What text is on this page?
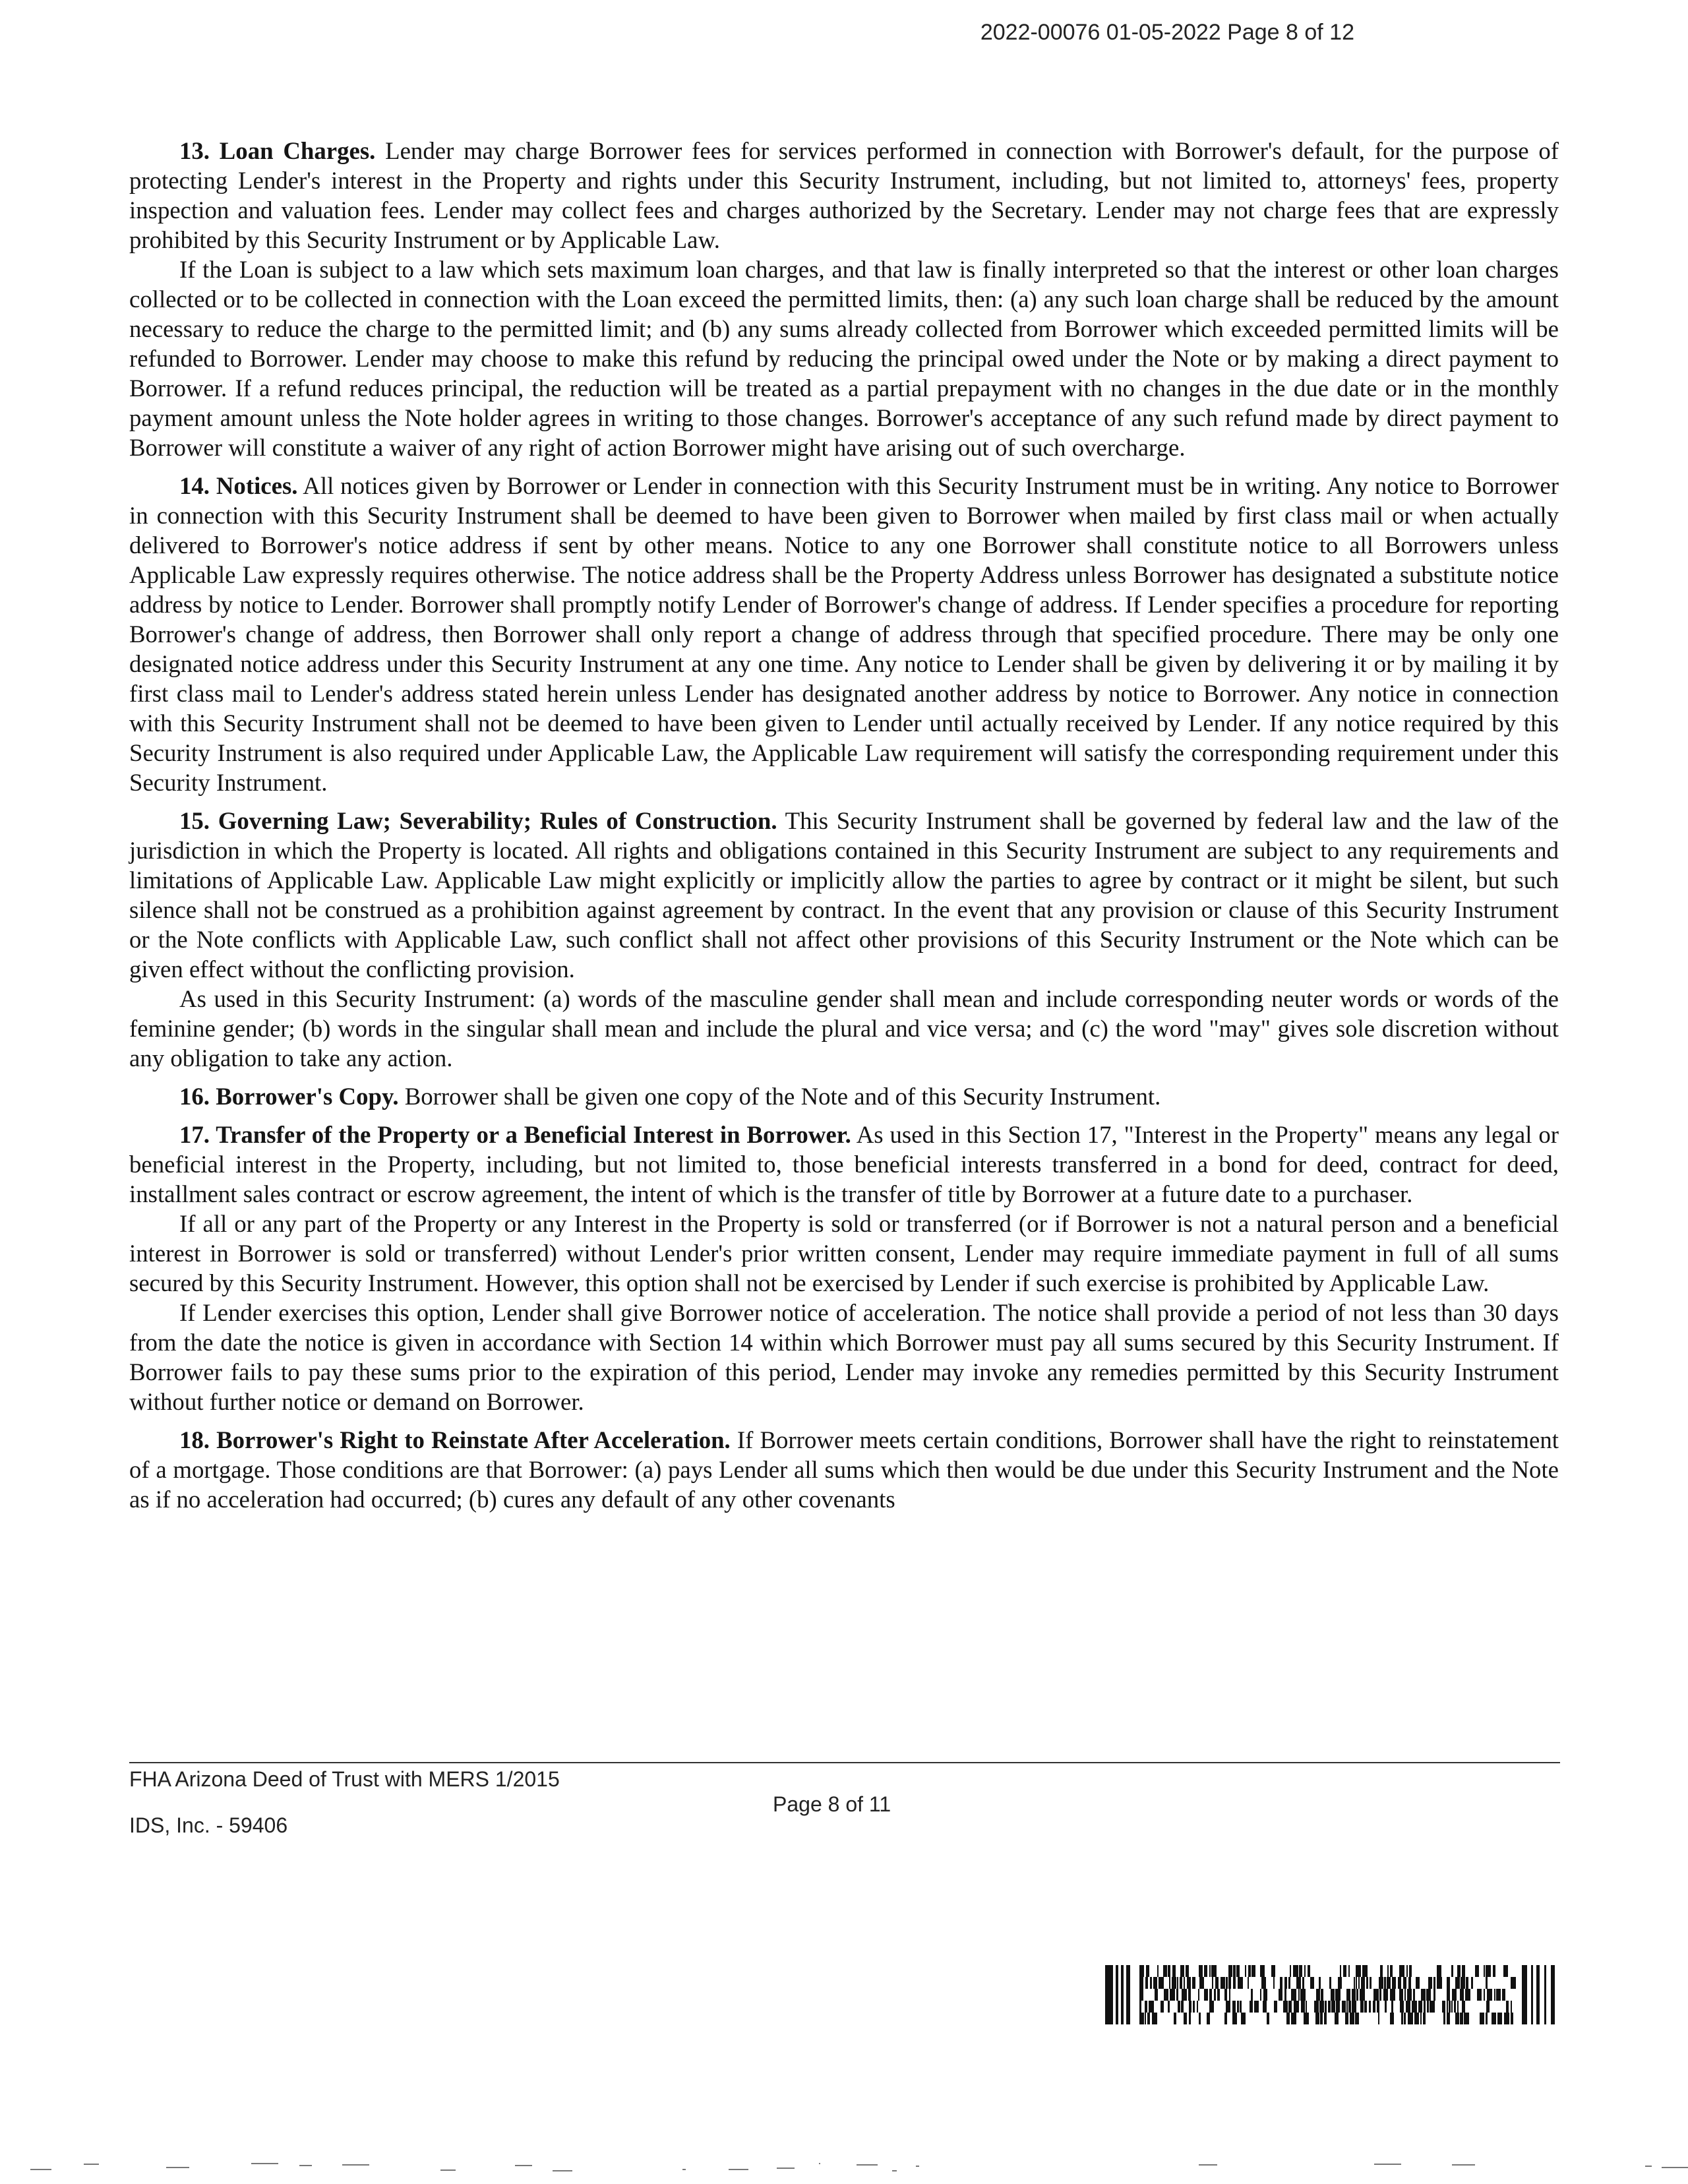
2022-00076 01-05-2022 Page 8 of 12

13. Loan Charges. Lender may charge Borrower fees for services performed in connection with Borrower's default, for the purpose of protecting Lender's interest in the Property and rights under this Security Instrument, including, but not limited to, attorneys' fees, property inspection and valuation fees. Lender may collect fees and charges authorized by the Secretary. Lender may not charge fees that are expressly prohibited by this Security Instrument or by Applicable Law.

If the Loan is subject to a law which sets maximum loan charges, and that law is finally interpreted so that the interest or other loan charges collected or to be collected in connection with the Loan exceed the permitted limits, then: (a) any such loan charge shall be reduced by the amount necessary to reduce the charge to the permitted limit; and (b) any sums already collected from Borrower which exceeded permitted limits will be refunded to Borrower. Lender may choose to make this refund by reducing the principal owed under the Note or by making a direct payment to Borrower. If a refund reduces principal, the reduction will be treated as a partial prepayment with no changes in the due date or in the monthly payment amount unless the Note holder agrees in writing to those changes. Borrower's acceptance of any such refund made by direct payment to Borrower will constitute a waiver of any right of action Borrower might have arising out of such overcharge.

14. Notices. All notices given by Borrower or Lender in connection with this Security Instrument must be in writing. Any notice to Borrower in connection with this Security Instrument shall be deemed to have been given to Borrower when mailed by first class mail or when actually delivered to Borrower's notice address if sent by other means. Notice to any one Borrower shall constitute notice to all Borrowers unless Applicable Law expressly requires otherwise. The notice address shall be the Property Address unless Borrower has designated a substitute notice address by notice to Lender. Borrower shall promptly notify Lender of Borrower's change of address. If Lender specifies a procedure for reporting Borrower's change of address, then Borrower shall only report a change of address through that specified procedure. There may be only one designated notice address under this Security Instrument at any one time. Any notice to Lender shall be given by delivering it or by mailing it by first class mail to Lender's address stated herein unless Lender has designated another address by notice to Borrower. Any notice in connection with this Security Instrument shall not be deemed to have been given to Lender until actually received by Lender. If any notice required by this Security Instrument is also required under Applicable Law, the Applicable Law requirement will satisfy the corresponding requirement under this Security Instrument.

15. Governing Law; Severability; Rules of Construction. This Security Instrument shall be governed by federal law and the law of the jurisdiction in which the Property is located. All rights and obligations contained in this Security Instrument are subject to any requirements and limitations of Applicable Law. Applicable Law might explicitly or implicitly allow the parties to agree by contract or it might be silent, but such silence shall not be construed as a prohibition against agreement by contract. In the event that any provision or clause of this Security Instrument or the Note conflicts with Applicable Law, such conflict shall not affect other provisions of this Security Instrument or the Note which can be given effect without the conflicting provision.

As used in this Security Instrument: (a) words of the masculine gender shall mean and include corresponding neuter words or words of the feminine gender; (b) words in the singular shall mean and include the plural and vice versa; and (c) the word "may" gives sole discretion without any obligation to take any action.

16. Borrower's Copy. Borrower shall be given one copy of the Note and of this Security Instrument.

17. Transfer of the Property or a Beneficial Interest in Borrower. As used in this Section 17, "Interest in the Property" means any legal or beneficial interest in the Property, including, but not limited to, those beneficial interests transferred in a bond for deed, contract for deed, installment sales contract or escrow agreement, the intent of which is the transfer of title by Borrower at a future date to a purchaser.

If all or any part of the Property or any Interest in the Property is sold or transferred (or if Borrower is not a natural person and a beneficial interest in Borrower is sold or transferred) without Lender's prior written consent, Lender may require immediate payment in full of all sums secured by this Security Instrument. However, this option shall not be exercised by Lender if such exercise is prohibited by Applicable Law.

If Lender exercises this option, Lender shall give Borrower notice of acceleration. The notice shall provide a period of not less than 30 days from the date the notice is given in accordance with Section 14 within which Borrower must pay all sums secured by this Security Instrument. If Borrower fails to pay these sums prior to the expiration of this period, Lender may invoke any remedies permitted by this Security Instrument without further notice or demand on Borrower.

18. Borrower's Right to Reinstate After Acceleration. If Borrower meets certain conditions, Borrower shall have the right to reinstatement of a mortgage. Those conditions are that Borrower: (a) pays Lender all sums which then would be due under this Security Instrument and the Note as if no acceleration had occurred; (b) cures any default of any other covenants

FHA Arizona Deed of Trust with MERS 1/2015
Page 8 of 11
IDS, Inc. - 59406
